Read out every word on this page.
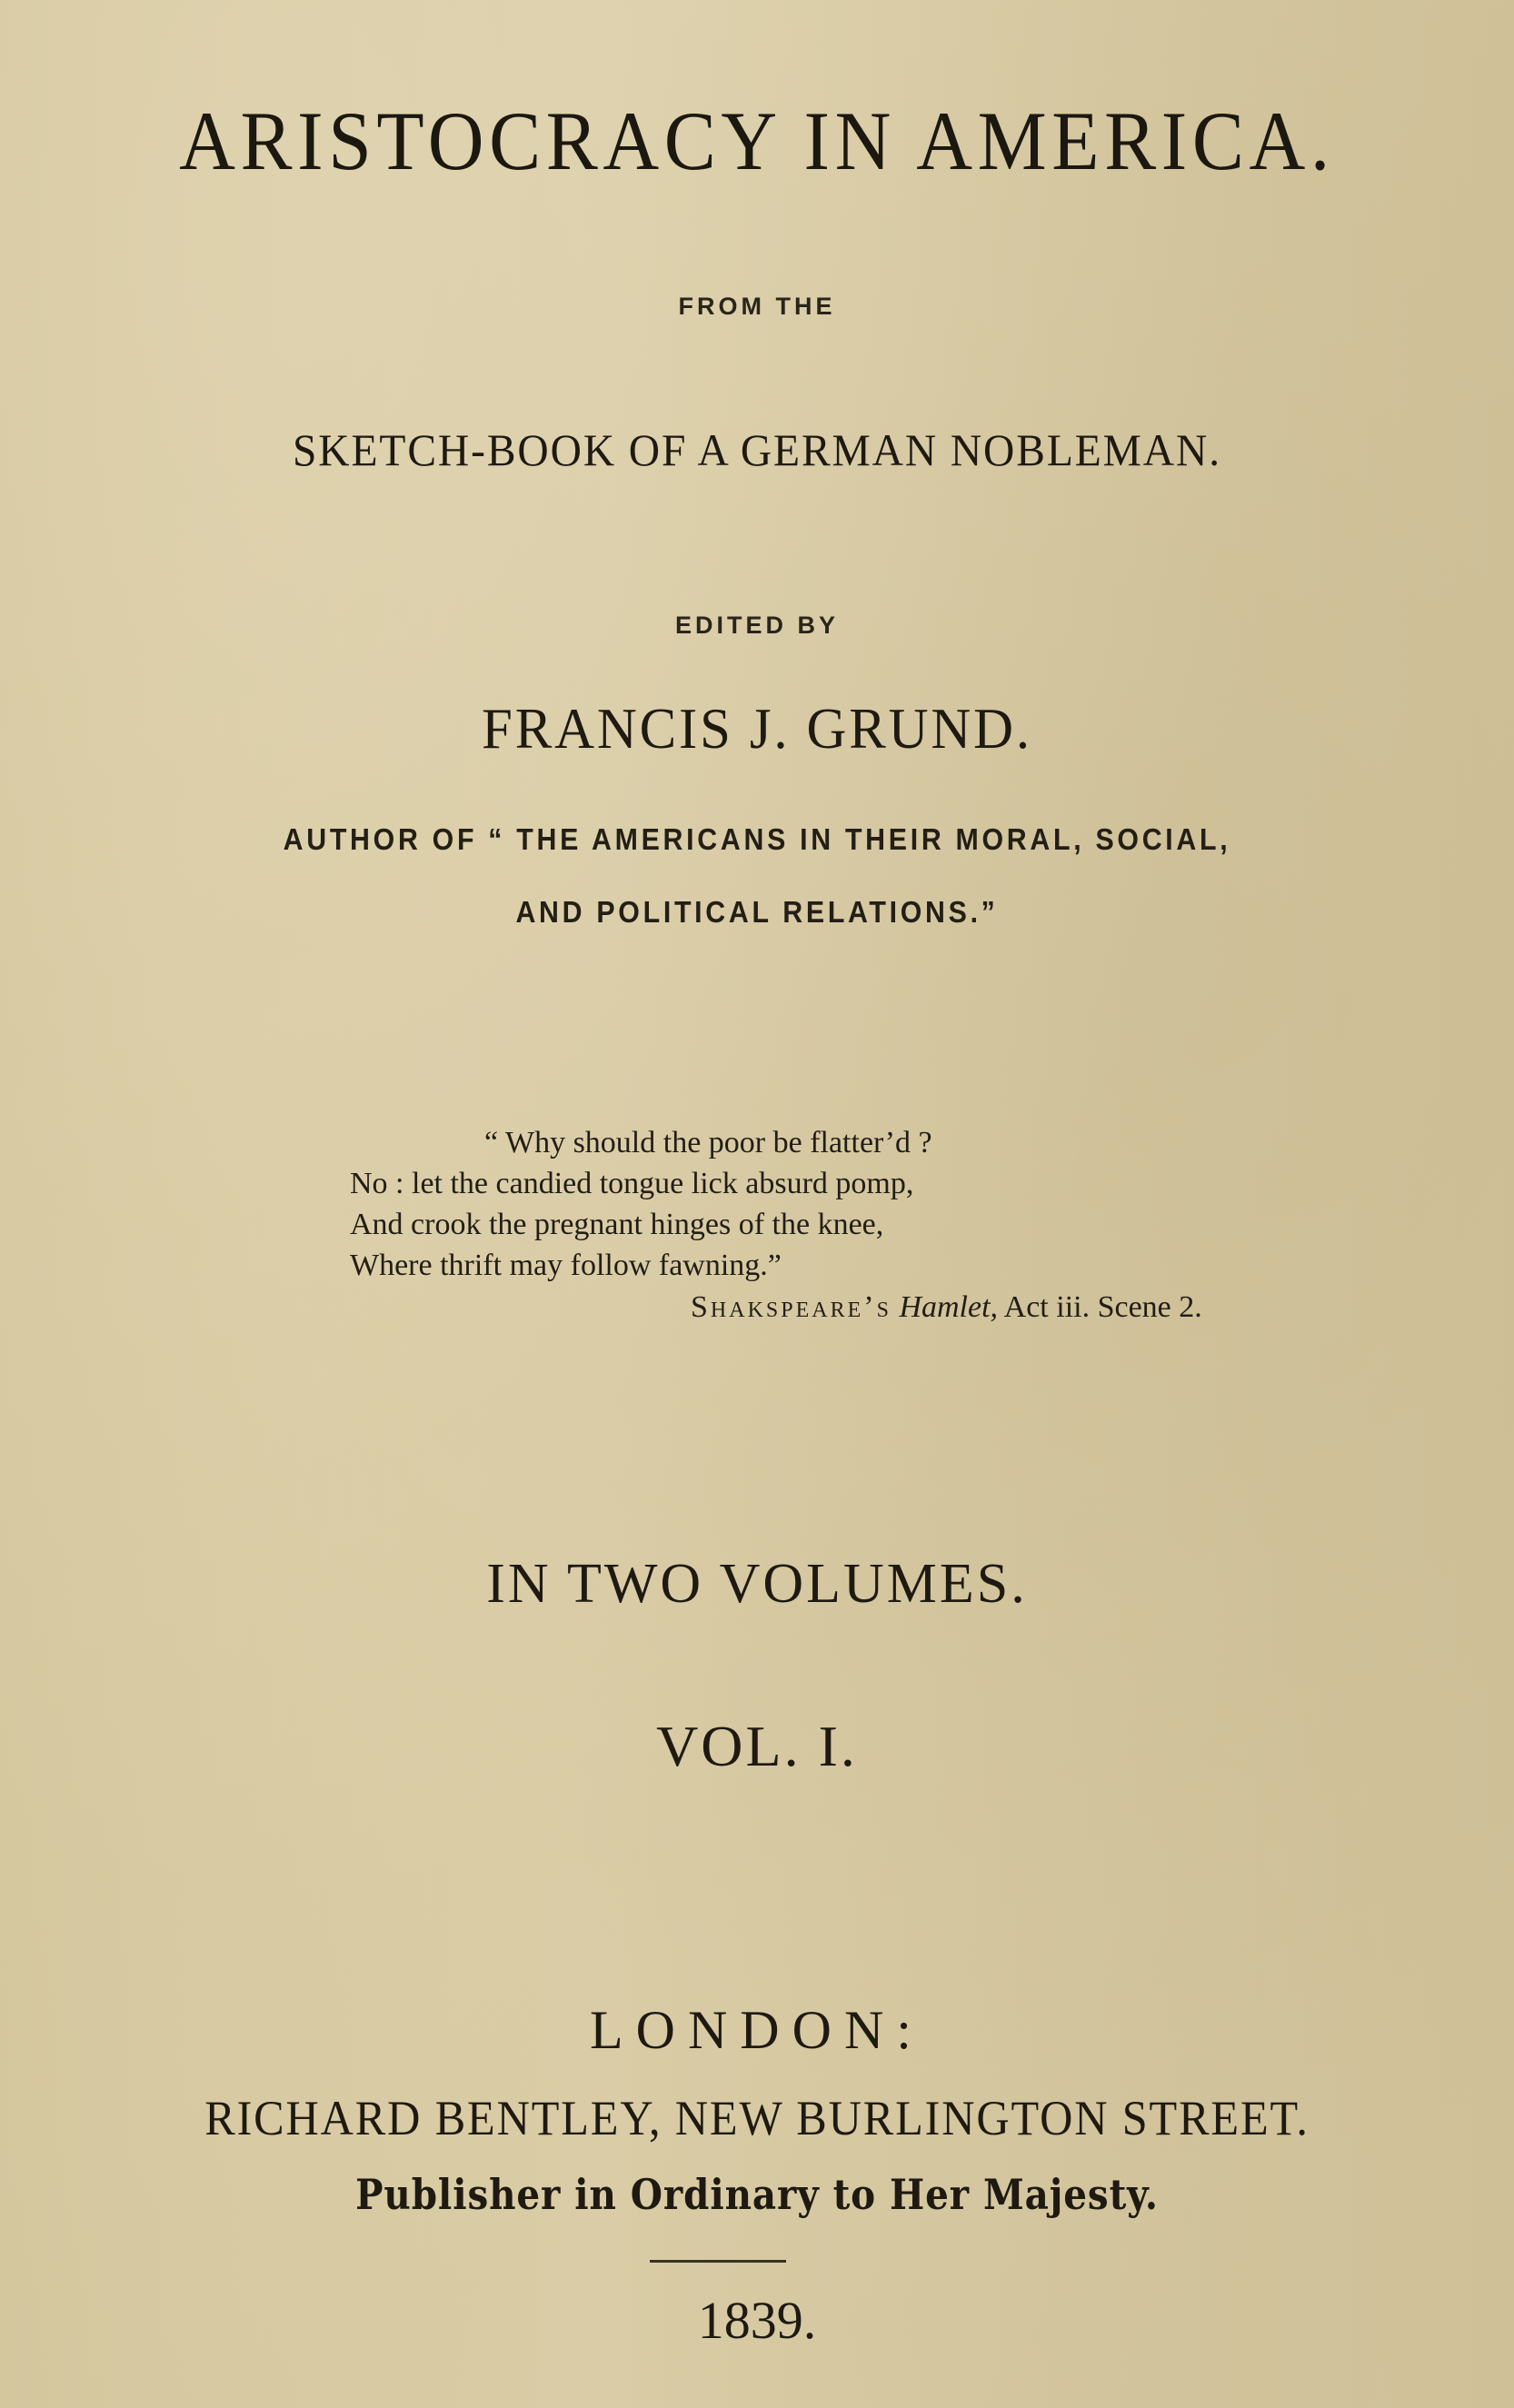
ARISTOCRACY IN AMERICA.
FROM THE
SKETCH-BOOK OF A GERMAN NOBLEMAN.
EDITED BY
FRANCIS J. GRUND.
AUTHOR OF “ THE AMERICANS IN THEIR MORAL, SOCIAL,
AND POLITICAL RELATIONS.”
“ Why should the poor be flatter’d ?
No : let the candied tongue lick absurd pomp,
And crook the pregnant hinges of the knee,
Where thrift may follow fawning.”
Shakspeare’s Hamlet, Act iii. Scene 2.
IN TWO VOLUMES.
VOL. I.
LONDON:
RICHARD BENTLEY, NEW BURLINGTON STREET.
Publisher in Ordinary to Her Majesty.
1839.
